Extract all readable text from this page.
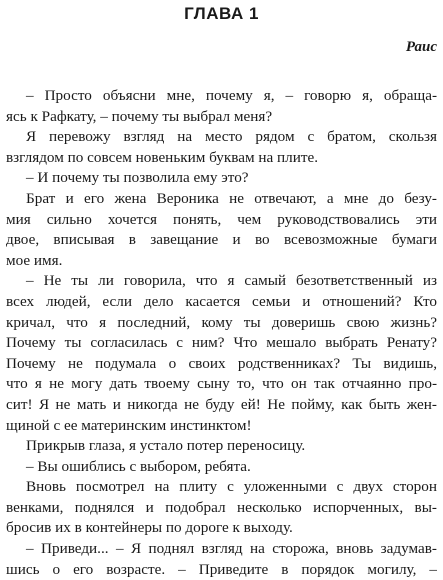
ГЛАВА 1

Раис

– Просто объясни мне, почему я, – говорю я, обраща-
ясь к Рафкату, – почему ты выбрал меня?
Я перевожу взгляд на место рядом с братом, скользя
взглядом по совсем новеньким буквам на плите.
– И почему ты позволила ему это?
Брат и его жена Вероника не отвечают, а мне до безу-
мия сильно хочется понять, чем руководствовались эти
двое, вписывая в завещание и во всевозможные бумаги
мое имя.
– Не ты ли говорила, что я самый безответственный из
всех людей, если дело касается семьи и отношений? Кто
кричал, что я последний, кому ты доверишь свою жизнь?
Почему ты согласилась с ним? Что мешало выбрать Ренату?
Почему не подумала о своих родственниках? Ты видишь,
что я не могу дать твоему сыну то, что он так отчаянно про-
сит! Я не мать и никогда не буду ей! Не пойму, как быть жен-
щиной с ее материнским инстинктом!
Прикрыв глаза, я устало потер переносицу.
– Вы ошиблись с выбором, ребята.
Вновь посмотрел на плиту с уложенными с двух сторон
венками, поднялся и подобрал несколько испорченных, вы-
бросив их в контейнеры по дороге к выходу.
– Приведи... – Я поднял взгляд на сторожа, вновь задумав-
шись о его возрасте. – Приведите в порядок могилу, –
